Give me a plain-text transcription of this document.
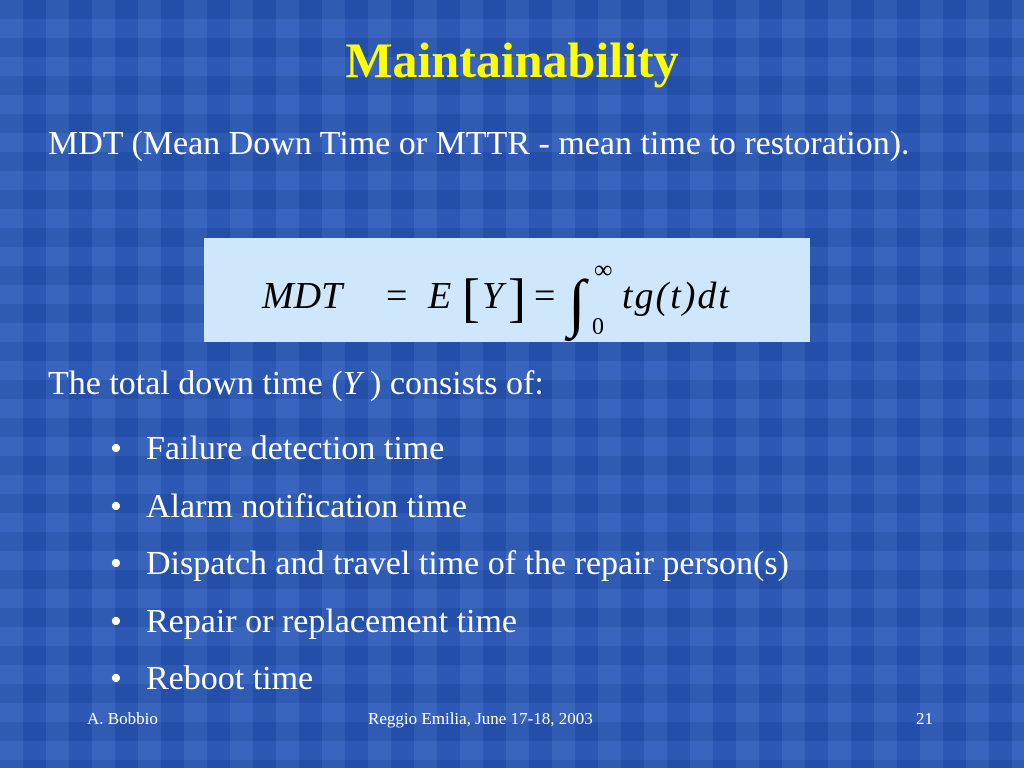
Maintainability
MDT (Mean Down Time or MTTR - mean time to restoration).
MDT = E [ Y ] = ∫ ∞
0
tg(t)dt
The total down time (Y ) consists of:
• Failure detection time
• Alarm notification time
• Dispatch and travel time of the repair person(s)
• Repair or replacement time
• Reboot time
A. Bobbio	Reggio Emilia, June 17-18, 2003	21
